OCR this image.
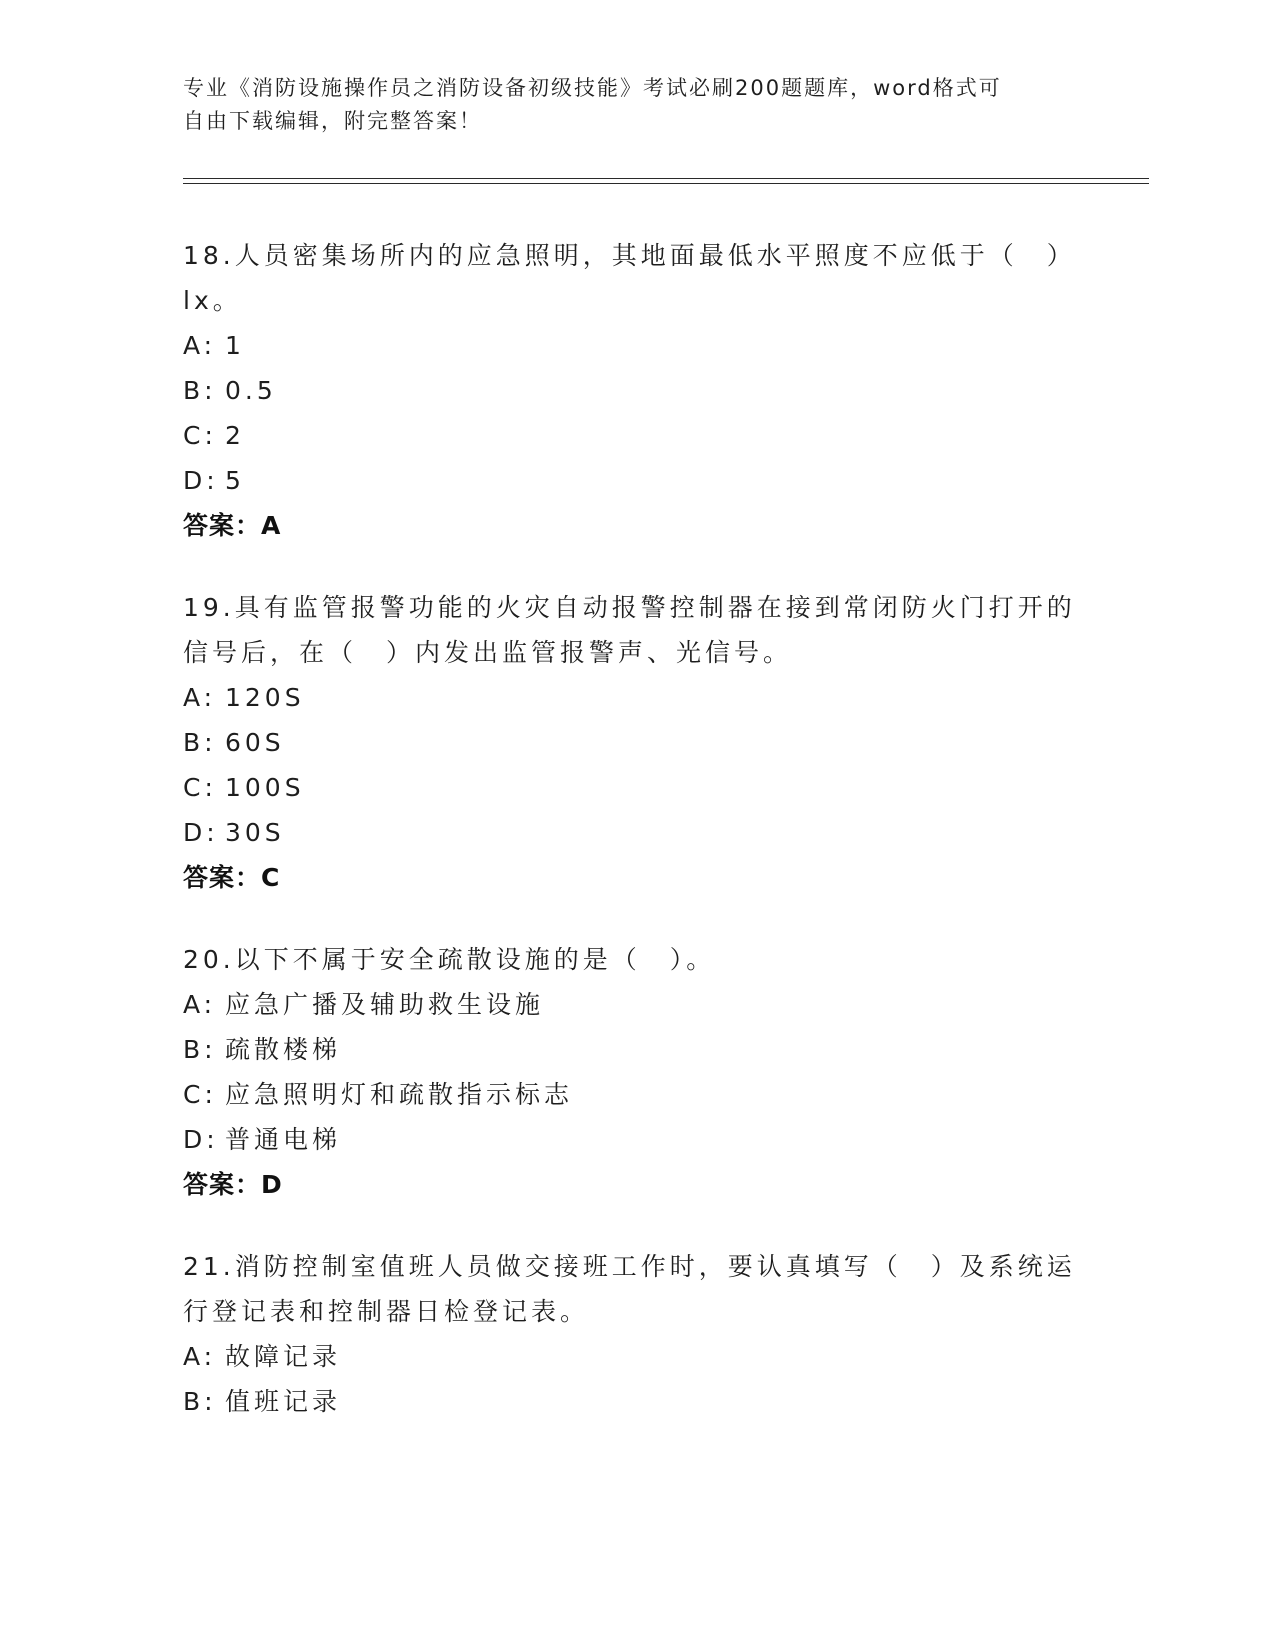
专业《消防设施操作员之消防设备初级技能》考试必刷200题题库，word格式可
自由下载编辑，附完整答案！
18.人员密集场所内的应急照明，其地面最低水平照度不应低于（　）
lx。
A: 1
B: 0.5
C: 2
D: 5
答案：A
19.具有监管报警功能的火灾自动报警控制器在接到常闭防火门打开的
信号后，在（　）内发出监管报警声、光信号。
A: 120S
B: 60S
C: 100S
D: 30S
答案：C
20.以下不属于安全疏散设施的是（　）。
A: 应急广播及辅助救生设施
B: 疏散楼梯
C: 应急照明灯和疏散指示标志
D: 普通电梯
答案：D
21.消防控制室值班人员做交接班工作时，要认真填写（　）及系统运
行登记表和控制器日检登记表。
A: 故障记录
B: 值班记录
